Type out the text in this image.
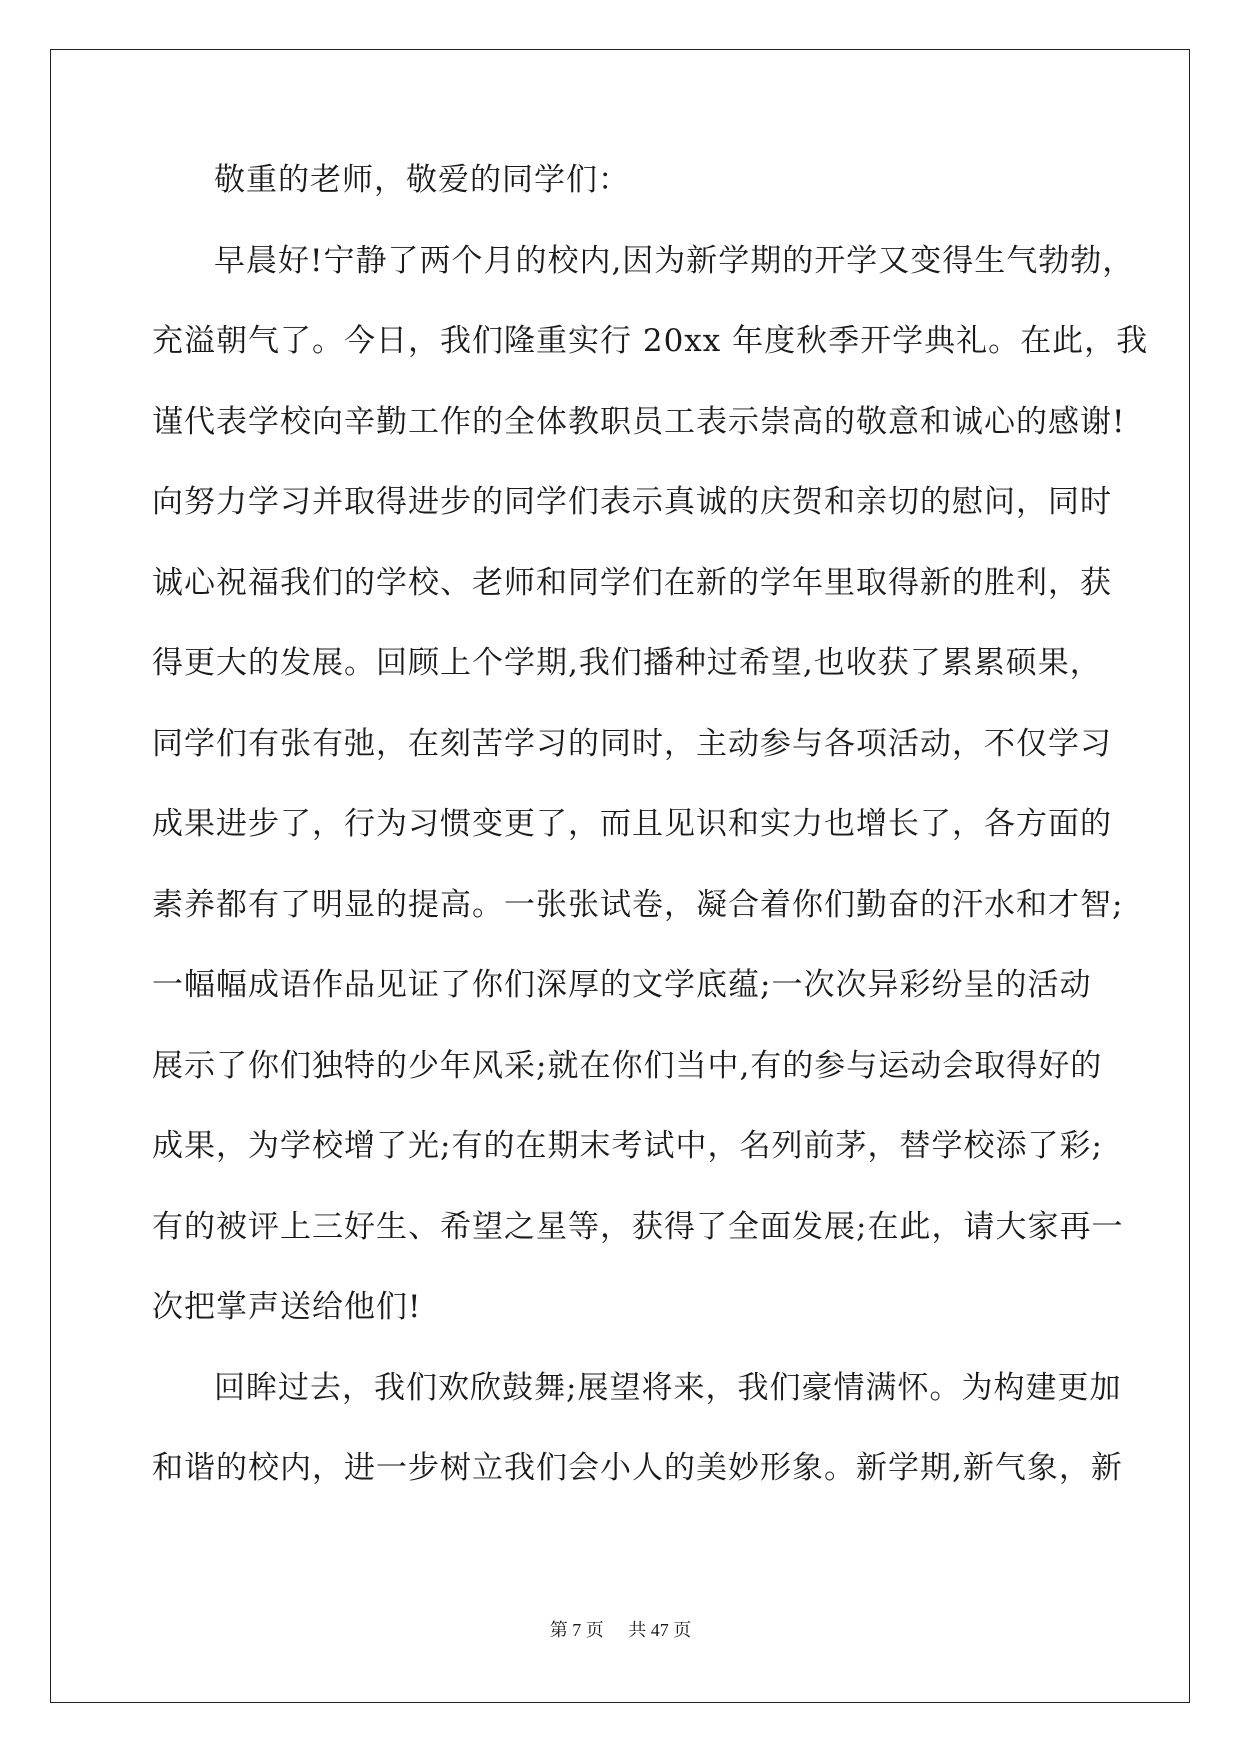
敬重的老师，敬爱的同学们：
早晨好!宁静了两个月的校内,因为新学期的开学又变得生气勃勃，
充溢朝气了。今日，我们隆重实行 20xx 年度秋季开学典礼。在此，我
谨代表学校向辛勤工作的全体教职员工表示崇高的敬意和诚心的感谢!
向努力学习并取得进步的同学们表示真诚的庆贺和亲切的慰问，同时
诚心祝福我们的学校、老师和同学们在新的学年里取得新的胜利，获
得更大的发展。回顾上个学期,我们播种过希望,也收获了累累硕果，
同学们有张有弛，在刻苦学习的同时，主动参与各项活动，不仅学习
成果进步了，行为习惯变更了，而且见识和实力也增长了，各方面的
素养都有了明显的提高。一张张试卷，凝合着你们勤奋的汗水和才智;
一幅幅成语作品见证了你们深厚的文学底蕴;一次次异彩纷呈的活动
展示了你们独特的少年风采;就在你们当中,有的参与运动会取得好的
成果，为学校增了光;有的在期末考试中，名列前茅，替学校添了彩;
有的被评上三好生、希望之星等，获得了全面发展;在此，请大家再一
次把掌声送给他们!
回眸过去，我们欢欣鼓舞;展望将来，我们豪情满怀。为构建更加
和谐的校内，进一步树立我们会小人的美妙形象。新学期,新气象，新
第 7 页 共 47 页
